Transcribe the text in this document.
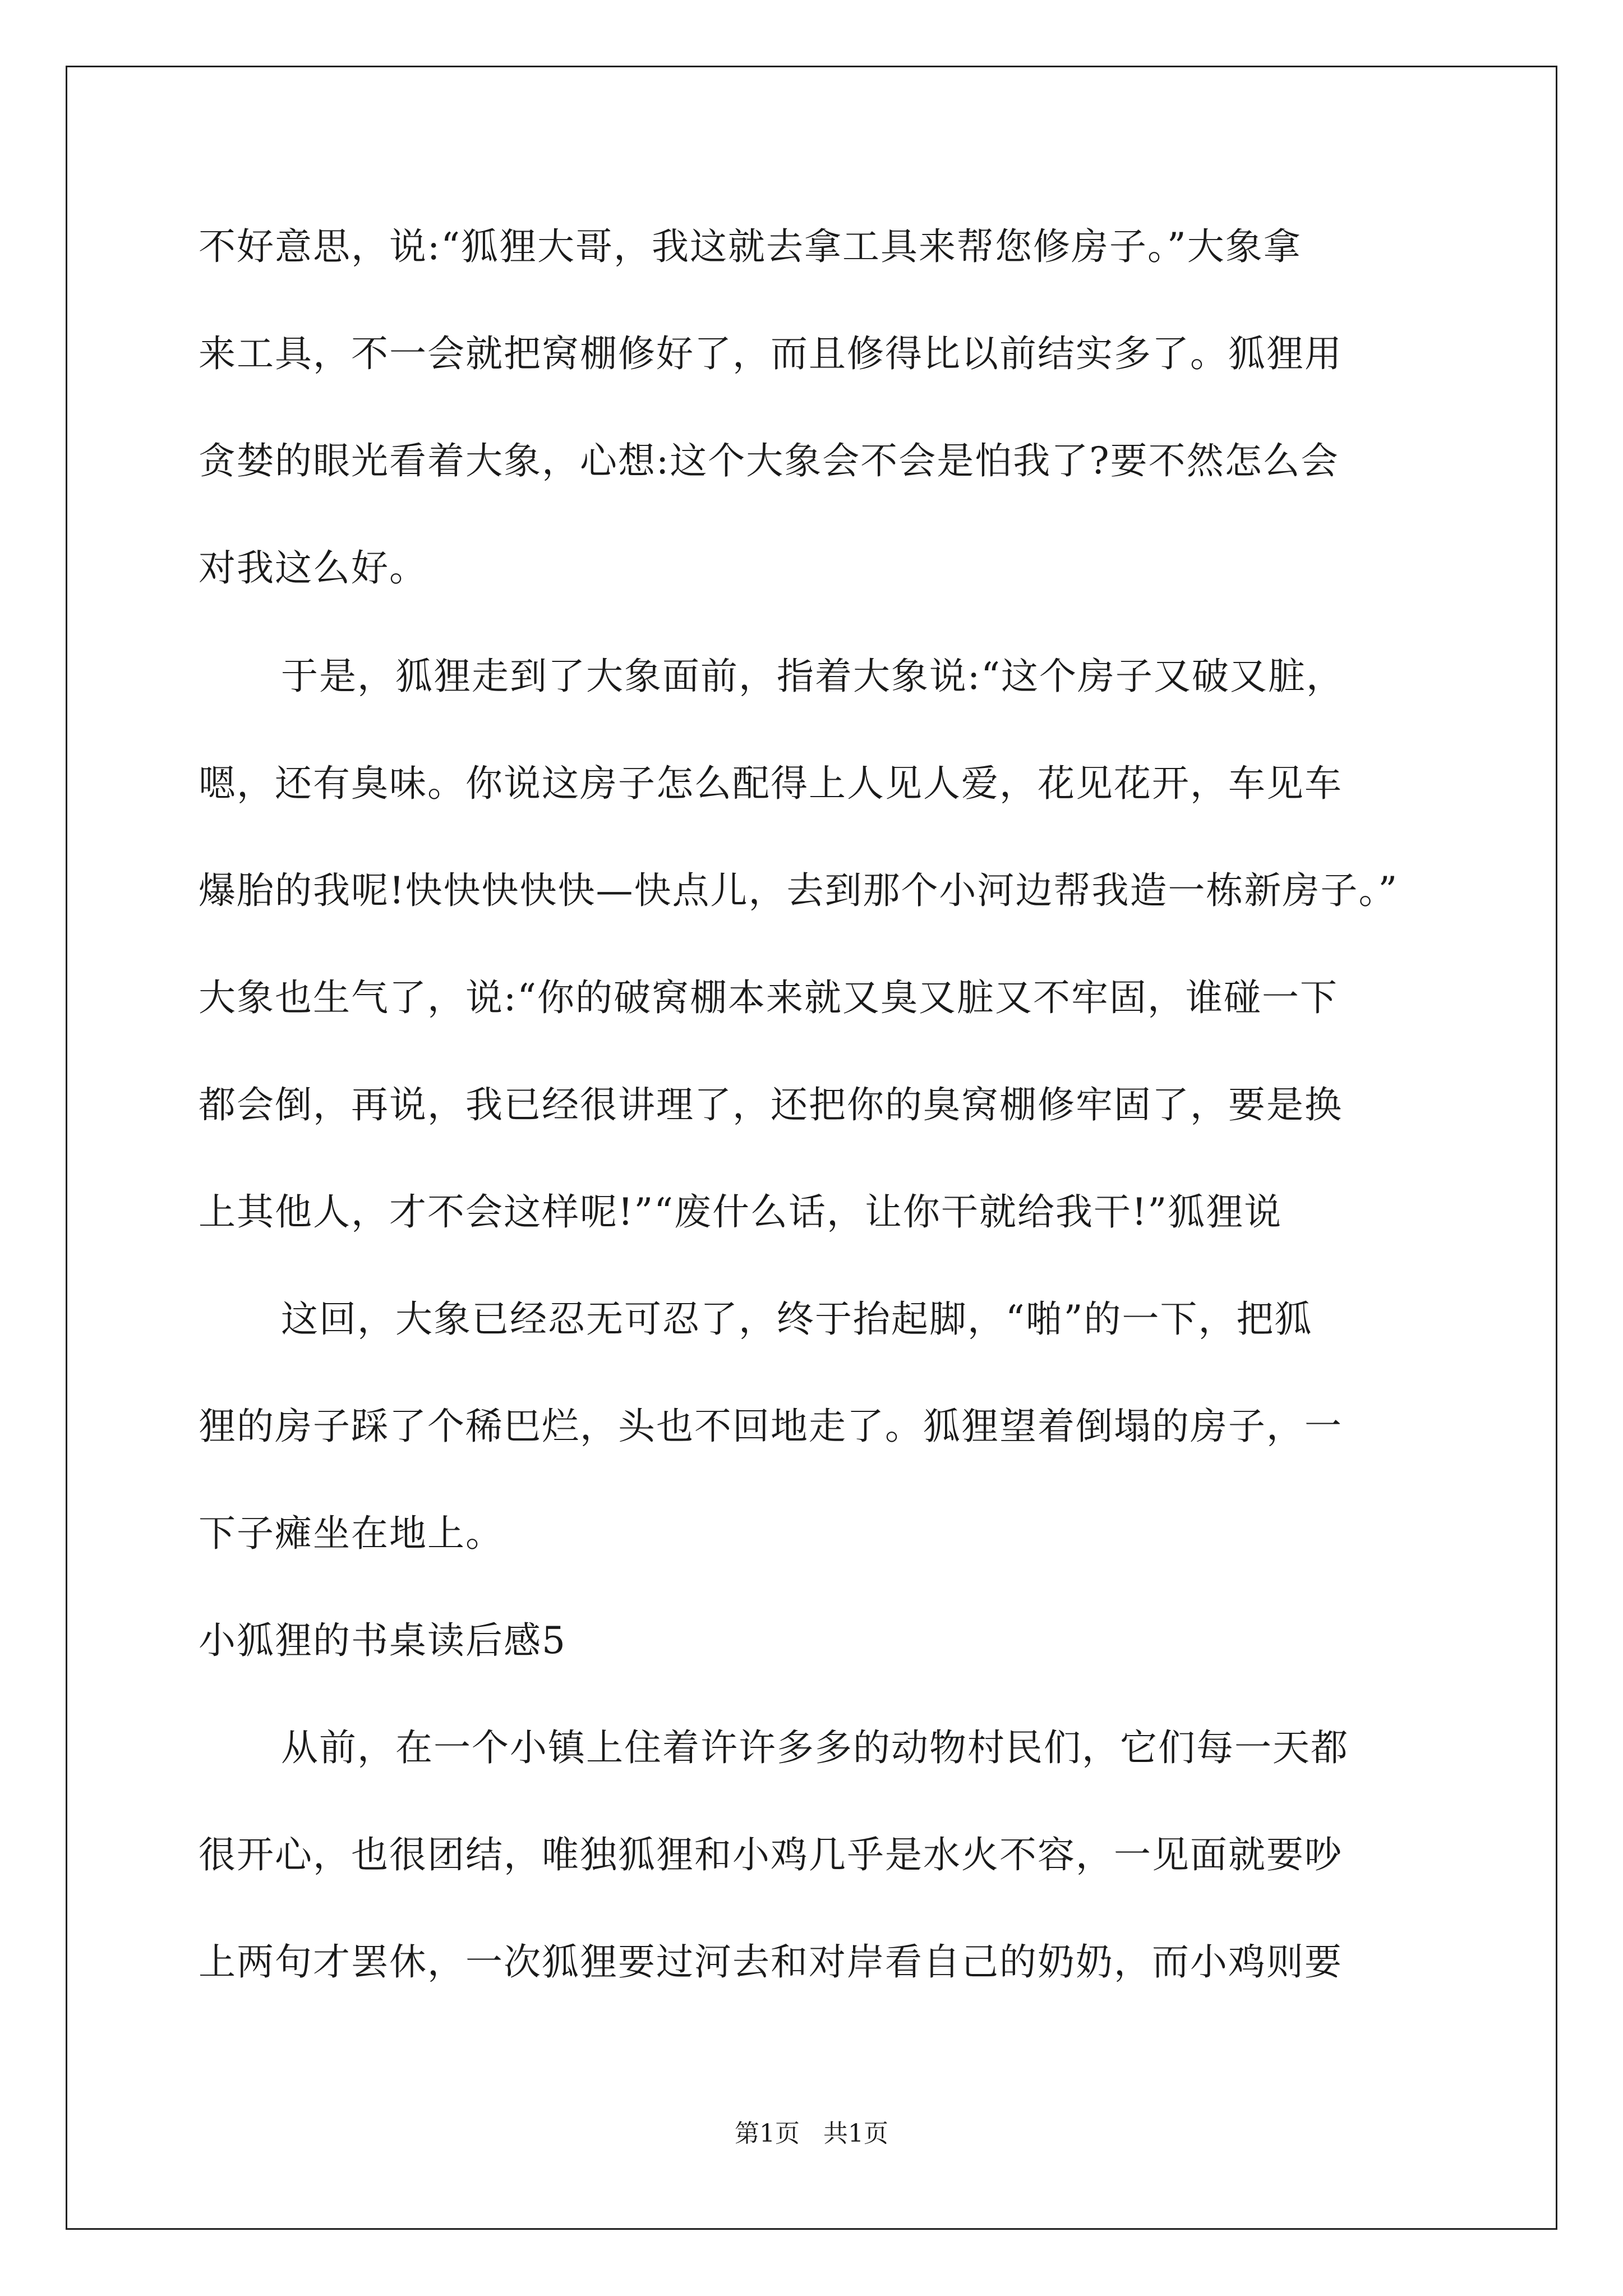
不好意思，说:“狐狸大哥，我这就去拿工具来帮您修房子。”大象拿
来工具，不一会就把窝棚修好了，而且修得比以前结实多了。狐狸用
贪婪的眼光看着大象，心想:这个大象会不会是怕我了?要不然怎么会
对我这么好。
于是，狐狸走到了大象面前，指着大象说:“这个房子又破又脏，
嗯，还有臭味。你说这房子怎么配得上人见人爱，花见花开，车见车
爆胎的我呢!快快快快快—快点儿，去到那个小河边帮我造一栋新房子。”
大象也生气了，说:“你的破窝棚本来就又臭又脏又不牢固，谁碰一下
都会倒，再说，我已经很讲理了，还把你的臭窝棚修牢固了，要是换
上其他人，才不会这样呢!”“废什么话，让你干就给我干!”狐狸说
这回，大象已经忍无可忍了，终于抬起脚，“啪”的一下，把狐
狸的房子踩了个稀巴烂，头也不回地走了。狐狸望着倒塌的房子，一
下子瘫坐在地上。
小狐狸的书桌读后感5
从前，在一个小镇上住着许许多多的动物村民们，它们每一天都
很开心，也很团结，唯独狐狸和小鸡几乎是水火不容，一见面就要吵
上两句才罢休，一次狐狸要过河去和对岸看自己的奶奶，而小鸡则要
第1页   共1页
